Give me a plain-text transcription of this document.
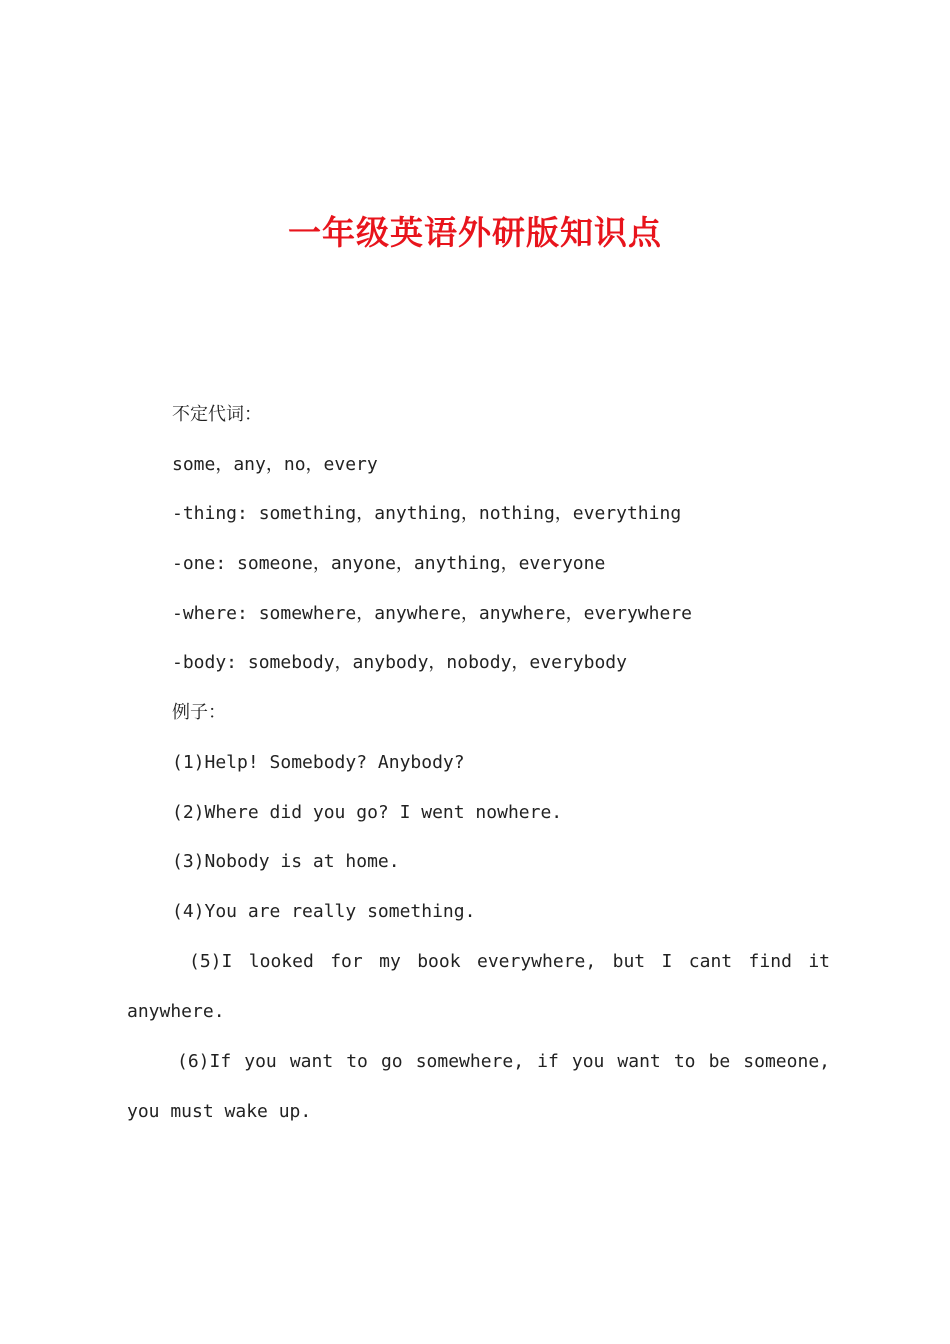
一年级英语外研版知识点

不定代词：

some，any，no，every

-thing: something，anything，nothing，everything

-one: someone，anyone，anything，everyone

-where: somewhere，anywhere，anywhere，everywhere

-body: somebody，anybody，nobody，everybody

例子：

(1)Help! Somebody? Anybody?

(2)Where did you go? I went nowhere.

(3)Nobody is at home.

(4)You are really something.

(5)I looked for my book everywhere, but I cant find it anywhere.

(6)If you want to go somewhere, if you want to be someone, you must wake up.
